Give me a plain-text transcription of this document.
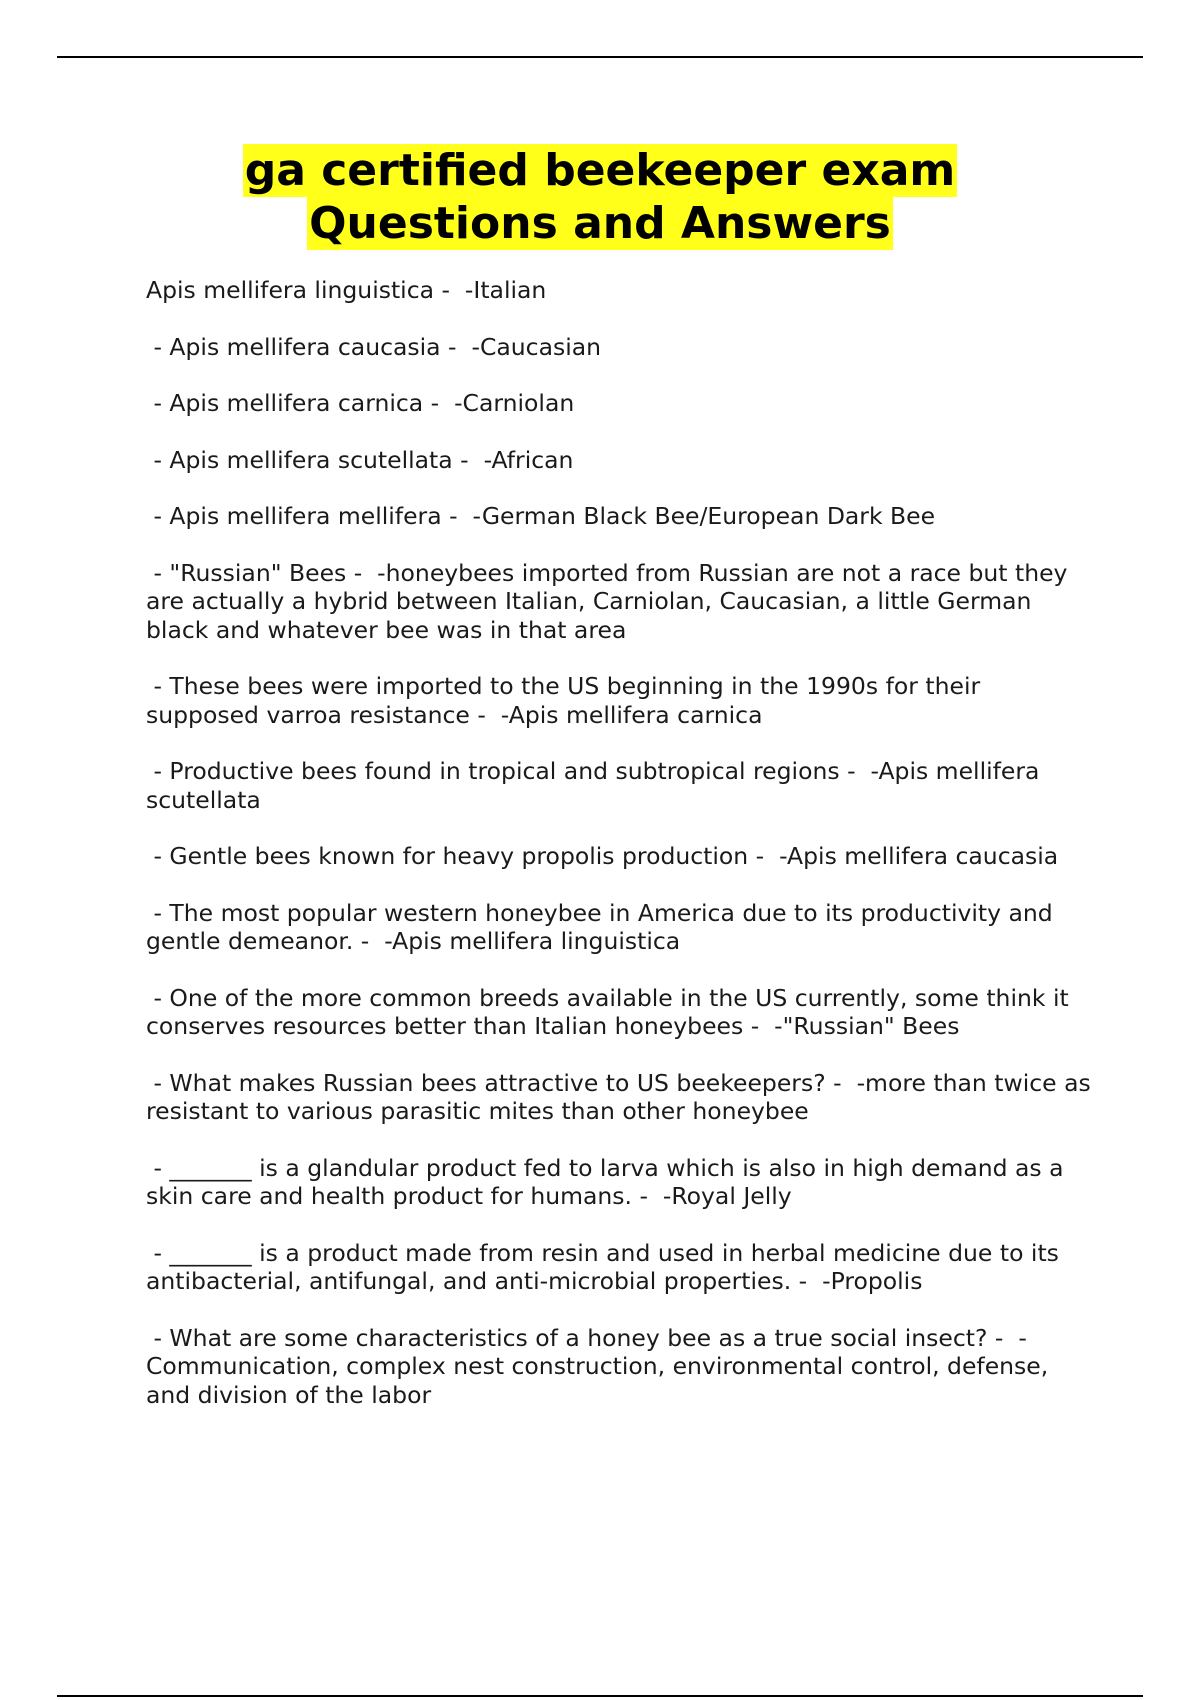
ga certified beekeeper exam
Questions and Answers
Apis mellifera linguistica -  -Italian
- Apis mellifera caucasia -  -Caucasian
- Apis mellifera carnica -  -Carniolan
- Apis mellifera scutellata -  -African
- Apis mellifera mellifera -  -German Black Bee/European Dark Bee
- "Russian" Bees -  -honeybees imported from Russian are not a race but they are actually a hybrid between Italian, Carniolan, Caucasian, a little German black and whatever bee was in that area
- These bees were imported to the US beginning in the 1990s for their supposed varroa resistance -  -Apis mellifera carnica
- Productive bees found in tropical and subtropical regions -  -Apis mellifera scutellata
- Gentle bees known for heavy propolis production -  -Apis mellifera caucasia
- The most popular western honeybee in America due to its productivity and gentle demeanor. -  -Apis mellifera linguistica
- One of the more common breeds available in the US currently, some think it conserves resources better than Italian honeybees -  -"Russian" Bees
- What makes Russian bees attractive to US beekeepers? -  -more than twice as resistant to various parasitic mites than other honeybee
- _______ is a glandular product fed to larva which is also in high demand as a skin care and health product for humans. -  -Royal Jelly
- _______ is a product made from resin and used in herbal medicine due to its antibacterial, antifungal, and anti-microbial properties. -  -Propolis
- What are some characteristics of a honey bee as a true social insect? -  -Communication, complex nest construction, environmental control, defense, and division of the labor
